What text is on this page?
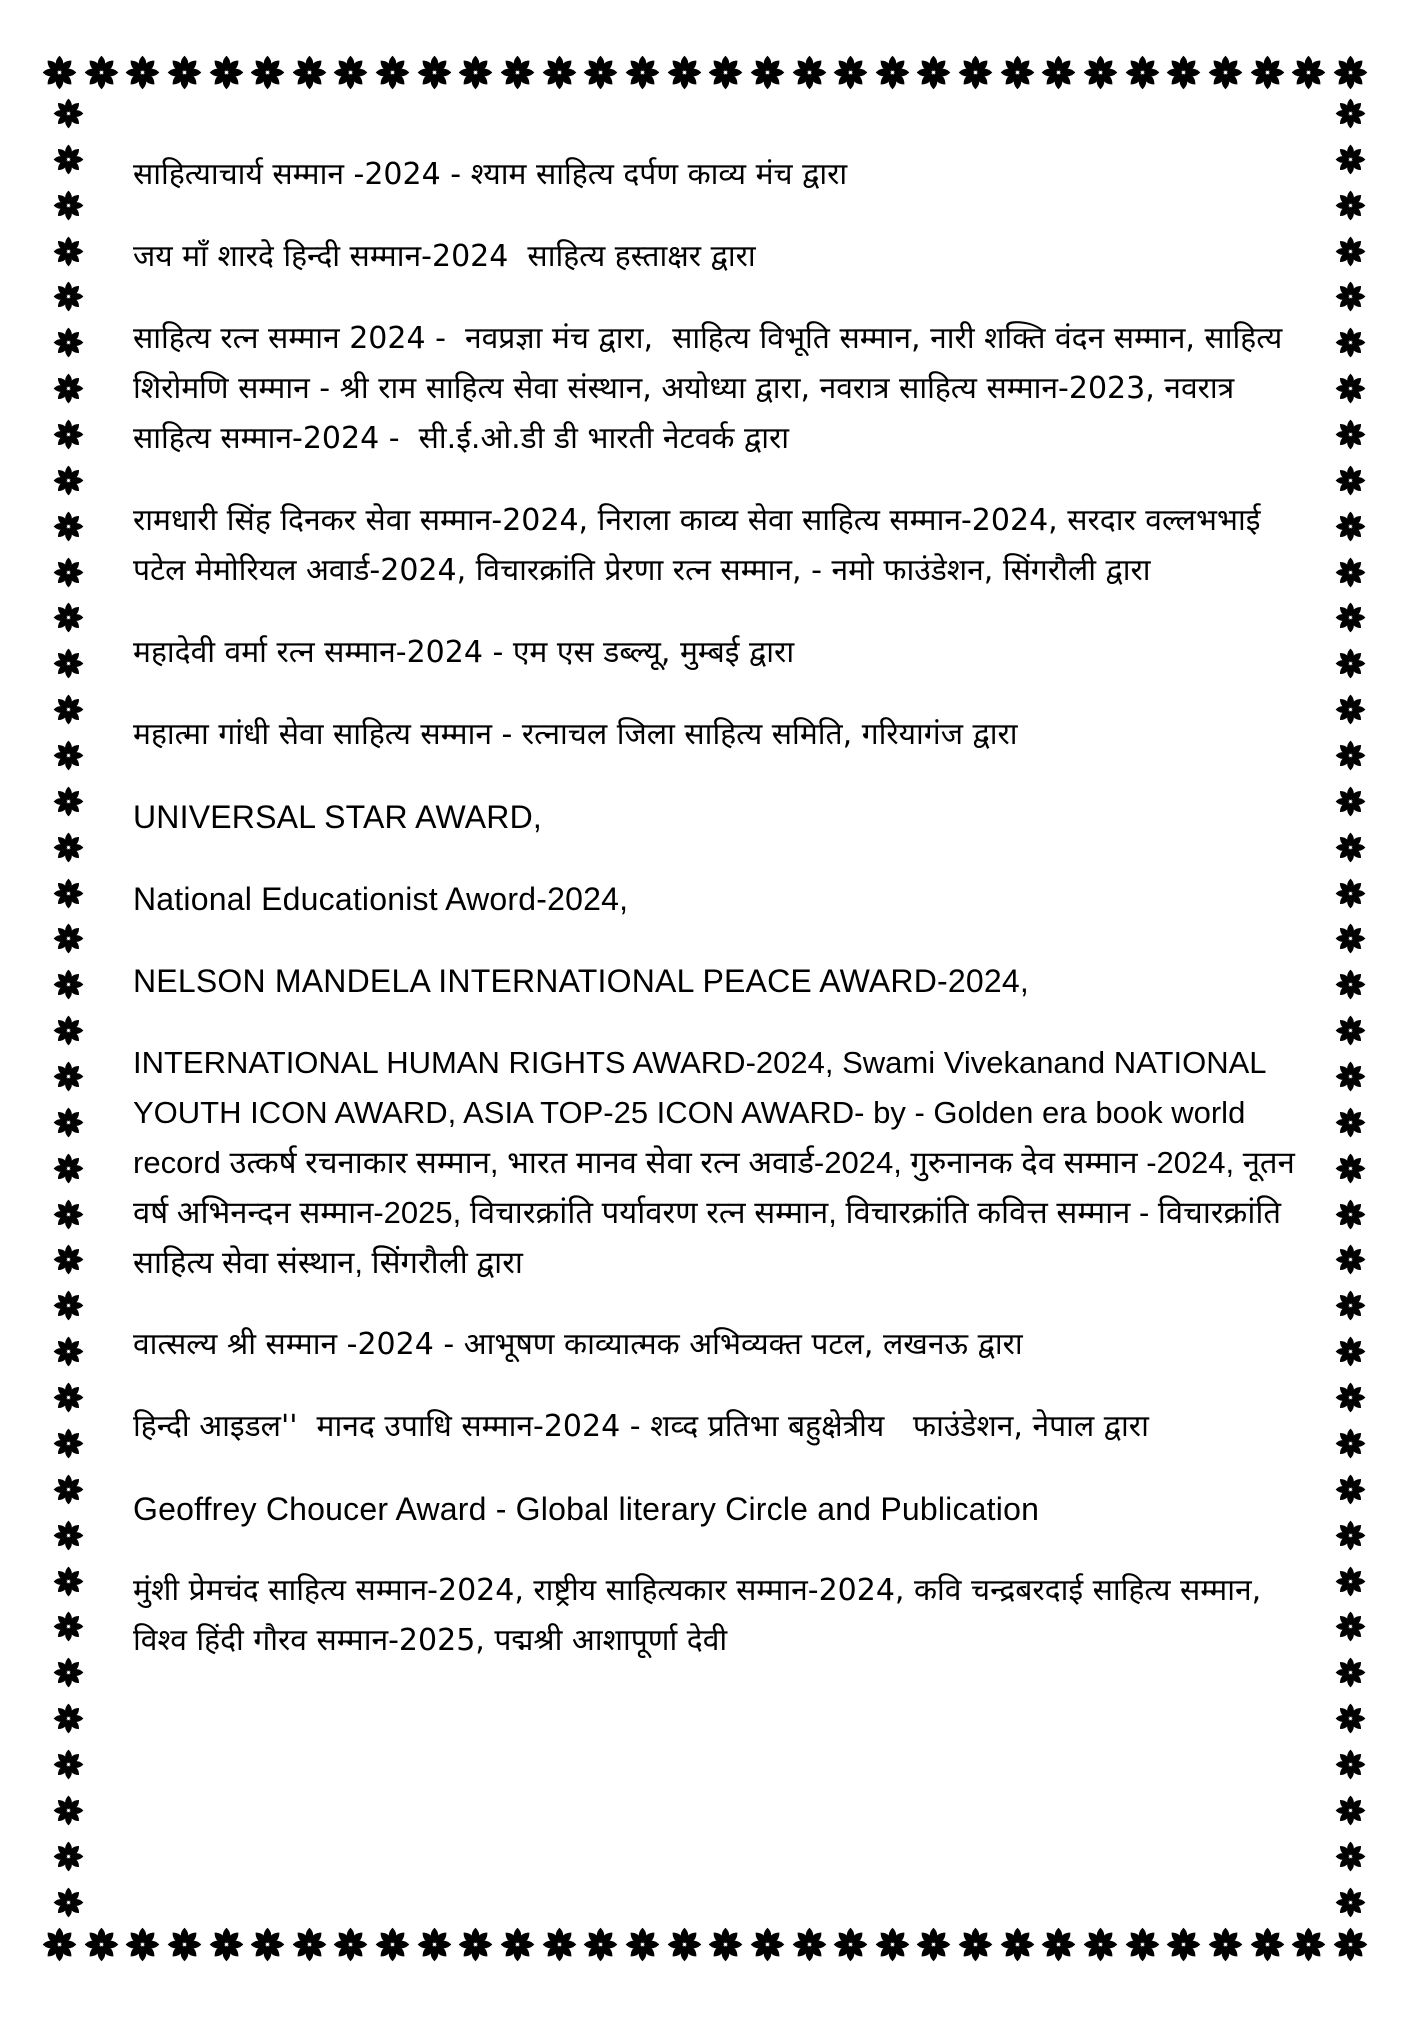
साहित्याचार्य सम्मान -2024 - श्याम साहित्य दर्पण काव्य मंच द्वारा

जय माँ शारदे हिन्दी सम्मान-2024  साहित्य हस्ताक्षर द्वारा

साहित्य रत्न सम्मान 2024 -  नवप्रज्ञा मंच द्वारा,  साहित्य विभूति सम्मान, नारी शक्ति वंदन सम्मान, साहित्य शिरोमणि सम्मान - श्री राम साहित्य सेवा संस्थान, अयोध्या द्वारा, नवरात्र साहित्य सम्मान-2023, नवरात्र साहित्य सम्मान-2024 -  सी.ई.ओ.डी डी भारती नेटवर्क द्वारा

रामधारी सिंह दिनकर सेवा सम्मान-2024, निराला काव्य सेवा साहित्य सम्मान-2024, सरदार वल्लभभाई पटेल मेमोरियल अवार्ड-2024, विचारक्रांति प्रेरणा रत्न सम्मान, - नमो फाउंडेशन, सिंगरौली द्वारा

महादेवी वर्मा रत्न सम्मान-2024 - एम एस डब्ल्यू, मुम्बई द्वारा

महात्मा गांधी सेवा साहित्य सम्मान - रत्नाचल जिला साहित्य समिति, गरियागंज द्वारा

UNIVERSAL STAR AWARD,

National Educationist Aword-2024,

NELSON MANDELA INTERNATIONAL PEACE AWARD-2024,

INTERNATIONAL HUMAN RIGHTS AWARD-2024, Swami Vivekanand NATIONAL YOUTH ICON AWARD, ASIA TOP-25 ICON AWARD- by - Golden era book world record उत्कर्ष रचनाकार सम्मान, भारत मानव सेवा रत्न अवार्ड-2024, गुरुनानक देव सम्मान -2024, नूतन वर्ष अभिनन्दन सम्मान-2025, विचारक्रांति पर्यावरण रत्न सम्मान, विचारक्रांति कवित्त सम्मान - विचारक्रांति साहित्य सेवा संस्थान, सिंगरौली द्वारा

वात्सल्य श्री सम्मान -2024 - आभूषण काव्यात्मक अभिव्यक्त पटल, लखनऊ द्वारा

हिन्दी आइडल''  मानद उपाधि सम्मान-2024 - शव्द प्रतिभा बहुक्षेत्रीय   फाउंडेशन, नेपाल द्वारा

Geoffrey Choucer Award - Global literary Circle and Publication

मुंशी प्रेमचंद साहित्य सम्मान-2024, राष्ट्रीय साहित्यकार सम्मान-2024, कवि चन्द्रबरदाई साहित्य सम्मान, विश्व हिंदी गौरव सम्मान-2025, पद्मश्री आशापूर्णा देवी
